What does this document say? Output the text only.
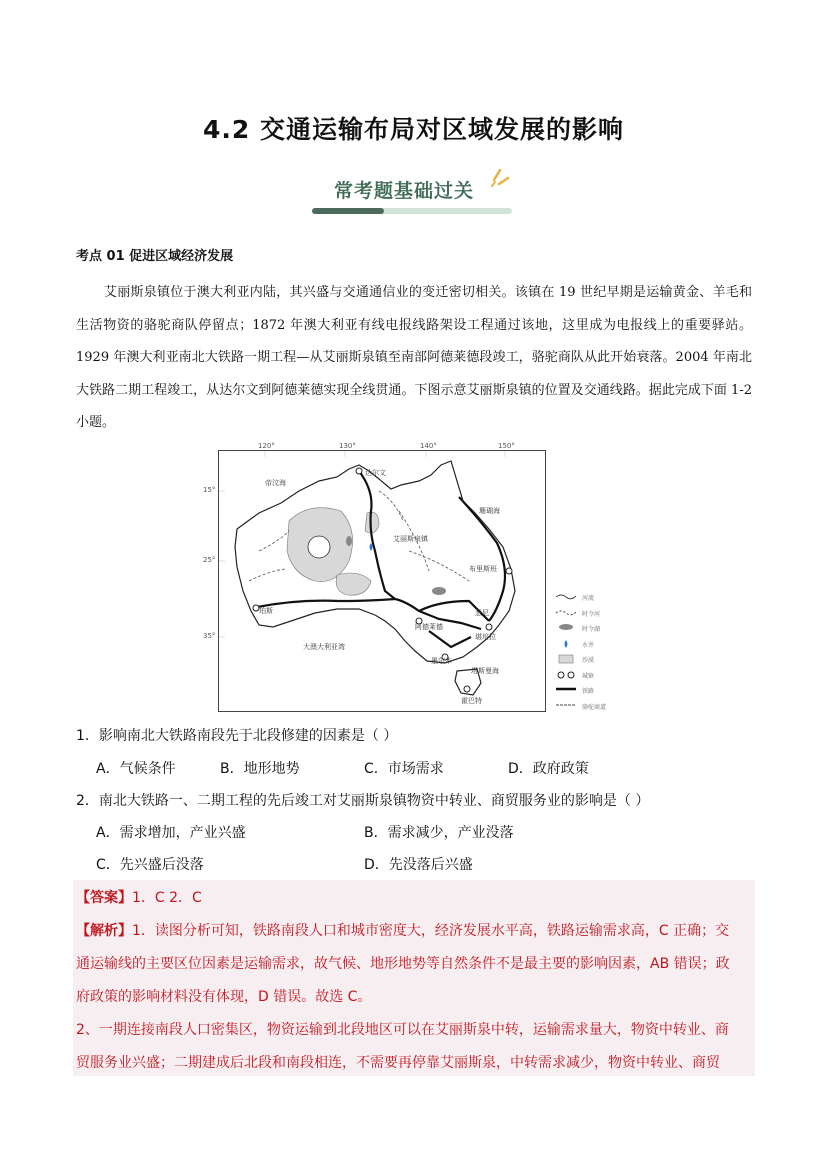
4.2 交通运输布局对区域发展的影响
常考题基础过关
考点 01 促进区域经济发展

艾丽斯泉镇位于澳大利亚内陆，其兴盛与交通通信业的变迁密切相关。该镇在 19 世纪早期是运输黄金、羊毛和生活物资的骆驼商队停留点；1872 年澳大利亚有线电报线路架设工程通过该地，这里成为电报线上的重要驿站。1929 年澳大利亚南北大铁路一期工程—从艾丽斯泉镇至南部阿德莱德段竣工，骆驼商队从此开始衰落。2004 年南北大铁路二期工程竣工，从达尔文到阿德莱德实现全线贯通。下图示意艾丽斯泉镇的位置及交通线路。据此完成下面 1-2 小题。

120°	130°	140°	150°
15°
25°
35°
帝汶海
达尔文
珊瑚海
艾丽斯泉镇
布里斯班
珀斯	悉尼
阿德莱德
堪培拉
墨尔本
大澳大利亚湾
塔斯曼海
霍巴特
河流
时令河
时令湖
水井
沙漠
城镇
铁路
骆驼商道
1．影响南北大铁路南段先于北段修建的因素是（ ）
A．气候条件	B．地形地势	C．市场需求	D．政府政策
2．南北大铁路一、二期工程的先后竣工对艾丽斯泉镇物资中转业、商贸服务业的影响是（ ）
A．需求增加，产业兴盛	B．需求减少，产业没落
C．先兴盛后没落	D．先没落后兴盛
【答案】1．C 2．C
【解析】1．读图分析可知，铁路南段人口和城市密度大，经济发展水平高，铁路运输需求高，C 正确；交
通运输线的主要区位因素是运输需求，故气候、地形地势等自然条件不是最主要的影响因素，AB 错误；政
府政策的影响材料没有体现，D 错误。故选 C。
2、一期连接南段人口密集区，物资运输到北段地区可以在艾丽斯泉中转，运输需求量大，物资中转业、商
贸服务业兴盛；二期建成后北段和南段相连，不需要再停靠艾丽斯泉，中转需求减少，物资中转业、商贸
